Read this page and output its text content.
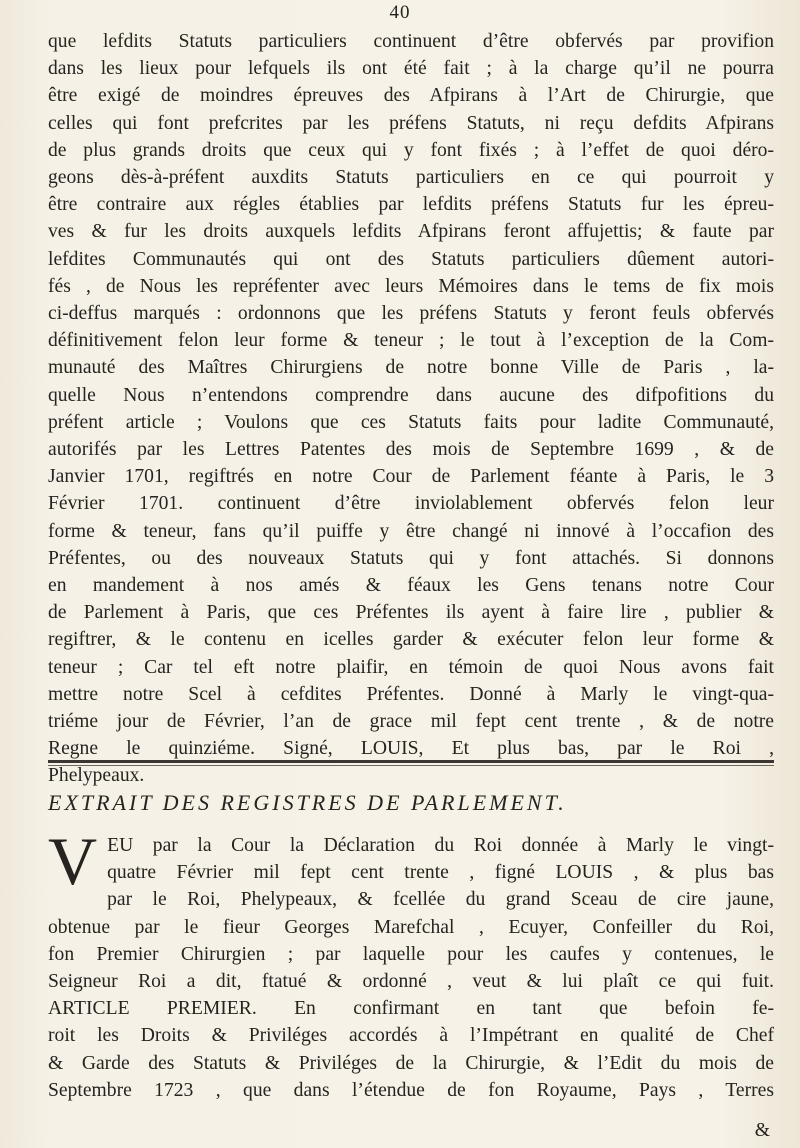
40
que lefdits Statuts particuliers continuent d’être obfervés par provifion
dans les lieux pour lefquels ils ont été fait ; à la charge qu’il ne pourra
être exigé de moindres épreuves des Afpirans à l’Art de Chirurgie, que
celles qui font prefcrites par les préfens Statuts, ni reçu defdits Afpirans
de plus grands droits que ceux qui y font fixés ; à l’effet de quoi déro-
geons dès-à-préfent auxdits Statuts particuliers en ce qui pourroit y
être contraire aux régles établies par lefdits préfens Statuts fur les épreu-
ves & fur les droits auxquels lefdits Afpirans feront affujettis; & faute par
lefdites Communautés qui ont des Statuts particuliers dûement autori-
fés , de Nous les repréfenter avec leurs Mémoires dans le tems de fix mois
ci-deffus marqués : ordonnons que les préfens Statuts y feront feuls obfervés
définitivement felon leur forme & teneur ; le tout à l’exception de la Com-
munauté des Maîtres Chirurgiens de notre bonne Ville de Paris , la-
quelle Nous n’entendons comprendre dans aucune des difpofitions du
préfent article ; Voulons que ces Statuts faits pour ladite Communauté,
autorifés par les Lettres Patentes des mois de Septembre 1699 , & de
Janvier 1701, regiftrés en notre Cour de Parlement féante à Paris, le 3
Février 1701. continuent d’être inviolablement obfervés felon leur
forme & teneur, fans qu’il puiffe y être changé ni innové à l’occafion des
Préfentes, ou des nouveaux Statuts qui y font attachés. Si donnons
en mandement à nos amés & féaux les Gens tenans notre Cour
de Parlement à Paris, que ces Préfentes ils ayent à faire lire , publier &
regiftrer, & le contenu en icelles garder & exécuter felon leur forme &
teneur ; Car tel eft notre plaifir, en témoin de quoi Nous avons fait
mettre notre Scel à cefdites Préfentes. Donné à Marly le vingt-qua-
triéme jour de Février, l’an de grace mil fept cent trente , & de notre
Regne le quinziéme. Signé, LOUIS, Et plus bas, par le Roi ,
Phelypeaux.
EXTRAIT DES REGISTRES DE PARLEMENT.
V EU par la Cour la Déclaration du Roi donnée à Marly le vingt-
quatre Février mil fept cent trente , figné LOUIS , & plus bas
par le Roi, Phelypeaux, & fcellée du grand Sceau de cire jaune,
obtenue par le fieur Georges Marefchal , Ecuyer, Confeiller du Roi,
fon Premier Chirurgien ; par laquelle pour les caufes y contenues, le
Seigneur Roi a dit, ftatué & ordonné , veut & lui plaît ce qui fuit.
ARTICLE PREMIER. En confirmant en tant que befoin fe-
roit les Droits & Priviléges accordés à l’Impétrant en qualité de Chef
& Garde des Statuts & Priviléges de la Chirurgie, & l’Edit du mois de
Septembre 1723 , que dans l’étendue de fon Royaume, Pays , Terres
&
